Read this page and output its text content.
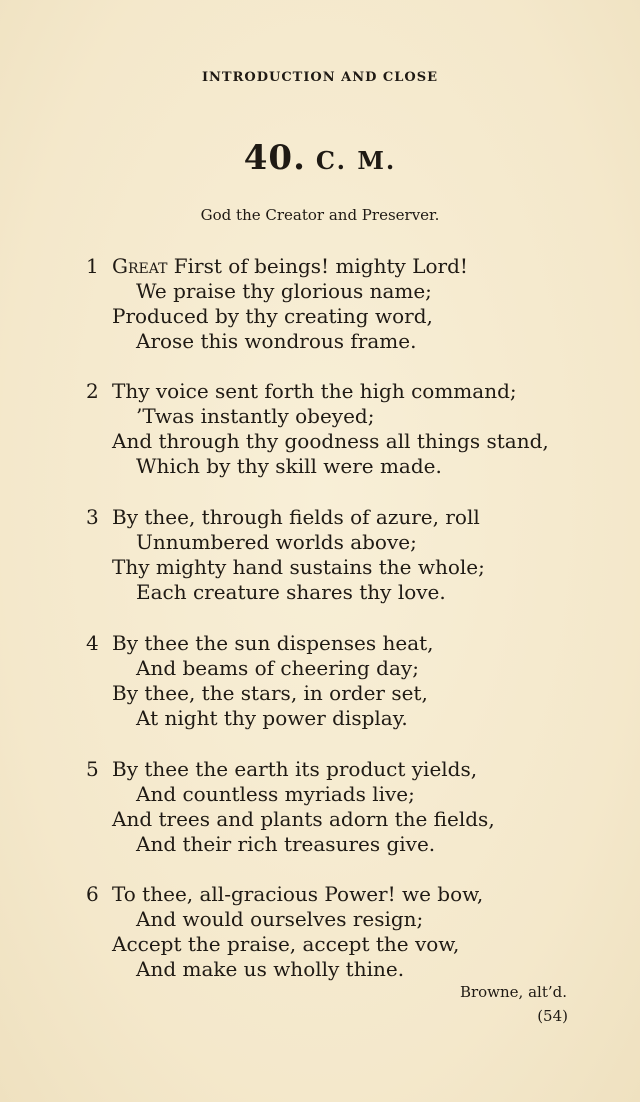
INTRODUCTION AND CLOSE
40. C. M.
God the Creator and Preserver.
1 Great First of beings! mighty Lord!
We praise thy glorious name;
Produced by thy creating word,
Arose this wondrous frame.
2 Thy voice sent forth the high command;
’Twas instantly obeyed;
And through thy goodness all things stand,
Which by thy skill were made.
3 By thee, through fields of azure, roll
Unnumbered worlds above;
Thy mighty hand sustains the whole;
Each creature shares thy love.
4 By thee the sun dispenses heat,
And beams of cheering day;
By thee, the stars, in order set,
At night thy power display.
5 By thee the earth its product yields,
And countless myriads live;
And trees and plants adorn the fields,
And their rich treasures give.
6 To thee, all-gracious Power! we bow,
And would ourselves resign;
Accept the praise, accept the vow,
And make us wholly thine.
Browne, alt’d.
(54)
